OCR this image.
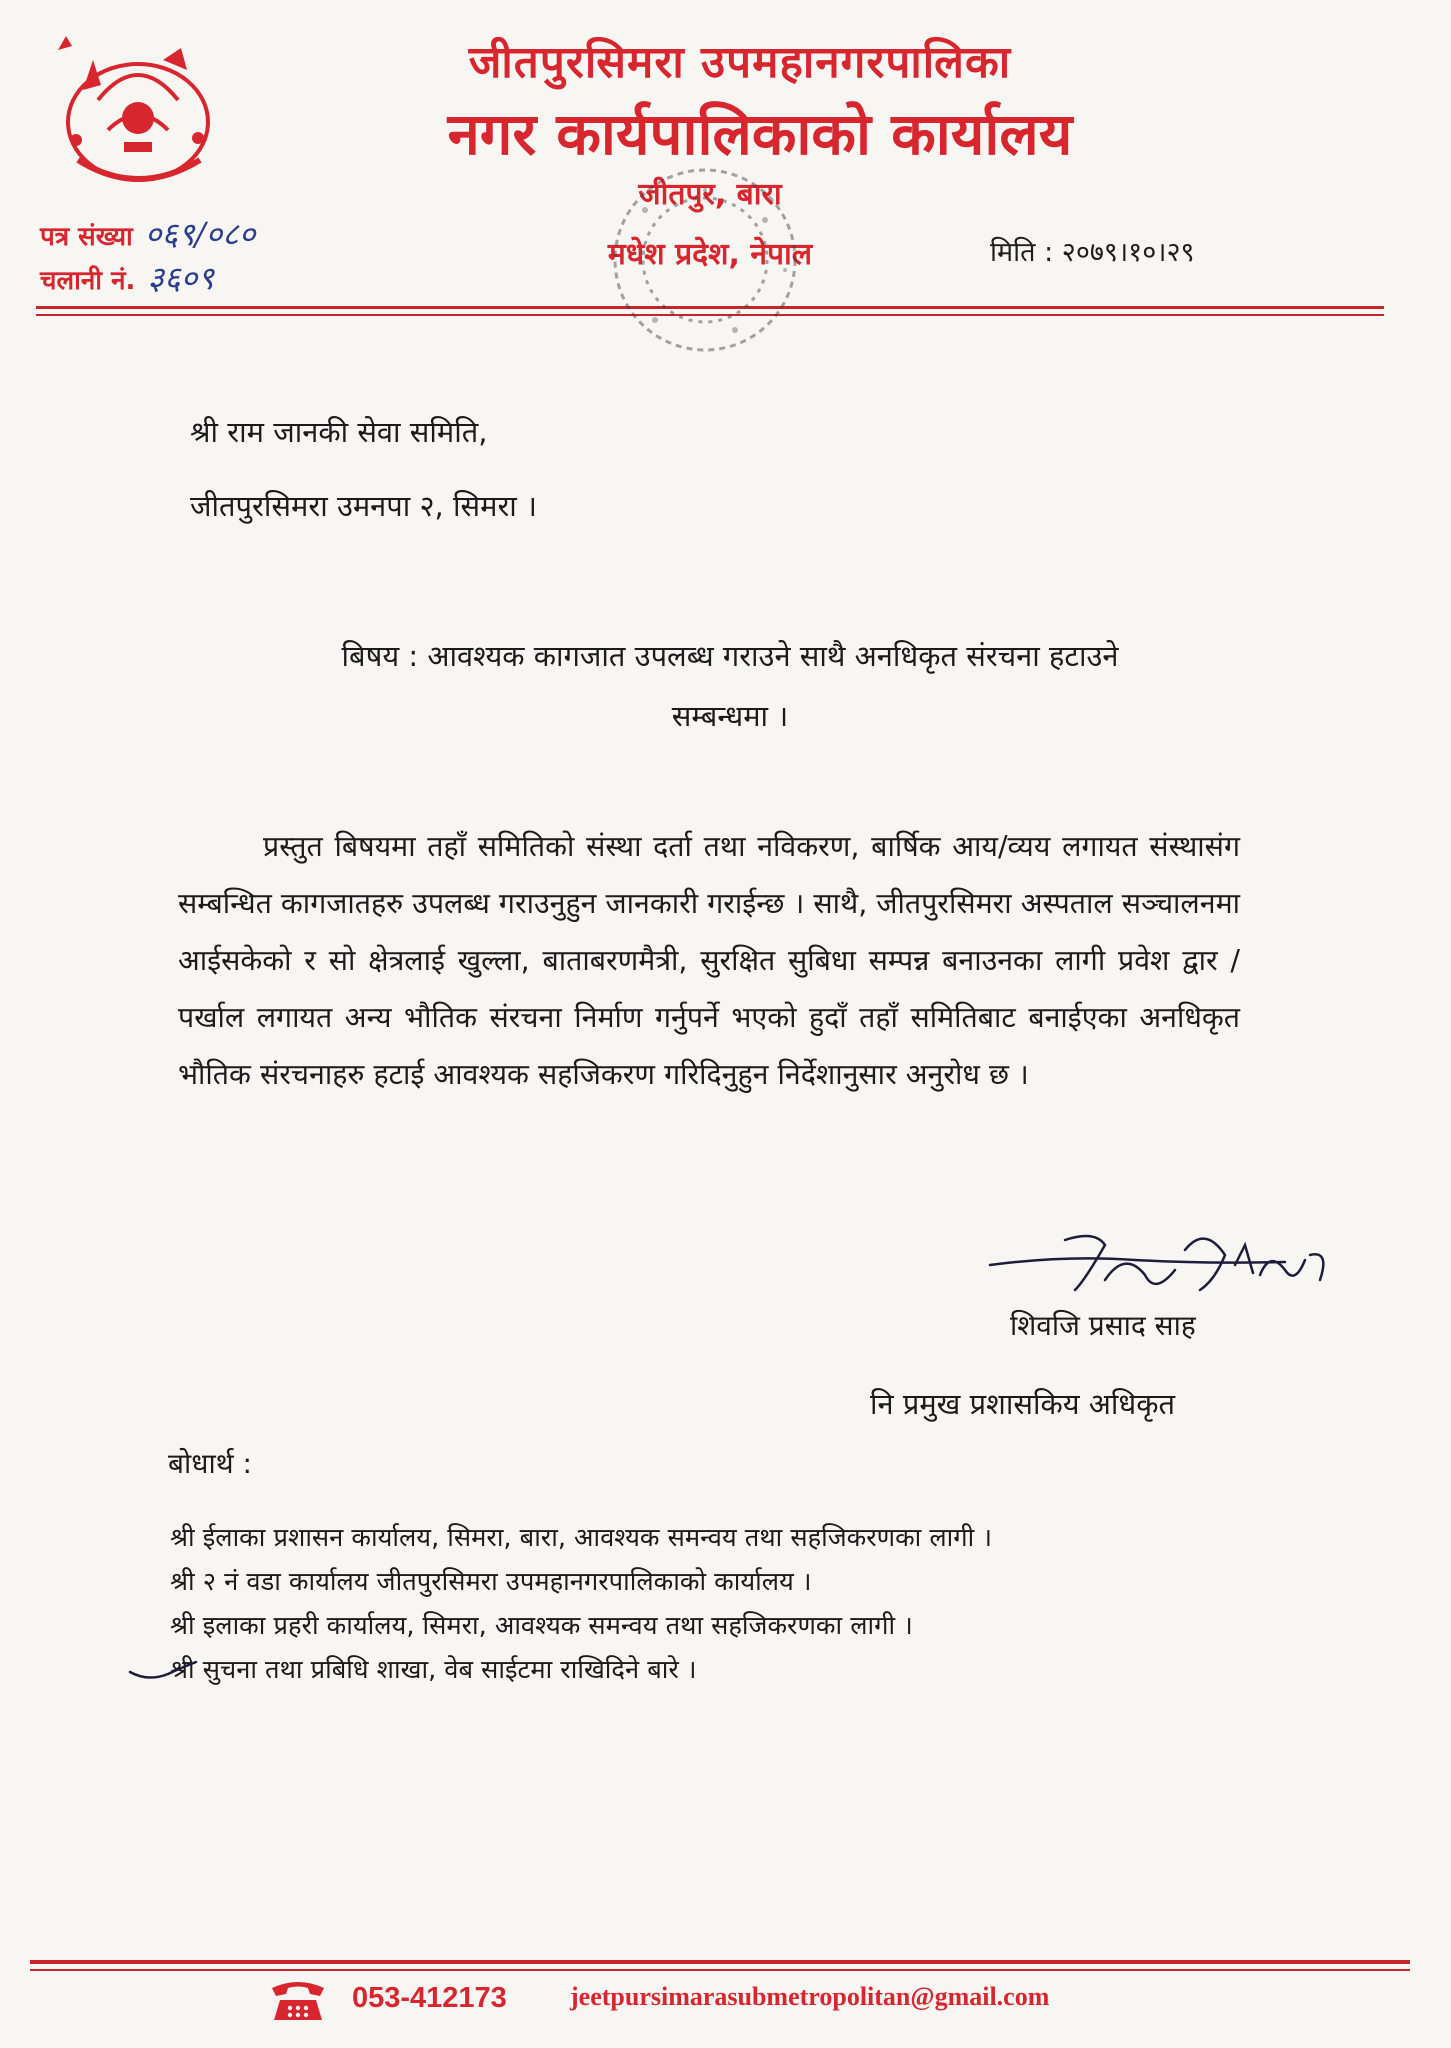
जीतपुरसिमरा उपमहानगरपालिका
नगर कार्यपालिकाको कार्यालय
जीतपुर, बारा
मधेश प्रदेश, नेपाल
पत्र संख्या ०६९/०८०
चलानी नं. ३६०९
मिति : २०७९।१०।२९
श्री राम जानकी सेवा समिति,
जीतपुरसिमरा उमनपा २, सिमरा ।
बिषय : आवश्यक कागजात उपलब्ध गराउने साथै अनधिकृत संरचना हटाउने
सम्बन्धमा ।
प्रस्तुत बिषयमा तहाँ समितिको संस्था दर्ता तथा नविकरण, बार्षिक आय/व्यय लगायत संस्थासंग सम्बन्धित कागजातहरु उपलब्ध गराउनुहुन जानकारी गराईन्छ । साथै, जीतपुरसिमरा अस्पताल सञ्चालनमा आईसकेको र सो क्षेत्रलाई खुल्ला, बाताबरणमैत्री, सुरक्षित सुबिधा सम्पन्न बनाउनका लागी प्रवेश द्वार /पर्खाल लगायत अन्य भौतिक संरचना निर्माण गर्नुपर्ने भएको हुदाँ तहाँ समितिबाट बनाईएका अनधिकृत भौतिक संरचनाहरु हटाई आवश्यक सहजिकरण गरिदिनुहुन निर्देशानुसार अनुरोध छ ।
शिवजि प्रसाद साह
नि प्रमुख प्रशासकिय अधिकृत
बोधार्थ :
श्री ईलाका प्रशासन कार्यालय, सिमरा, बारा, आवश्यक समन्वय तथा सहजिकरणका लागी ।
श्री २ नं वडा कार्यालय जीतपुरसिमरा उपमहानगरपालिकाको कार्यालय ।
श्री इलाका प्रहरी कार्यालय, सिमरा, आवश्यक समन्वय तथा सहजिकरणका लागी ।
श्री सुचना तथा प्रबिधि शाखा, वेब साईटमा राखिदिने बारे ।
053-412173 jeetpursimarasubmetropolitan@gmail.com
